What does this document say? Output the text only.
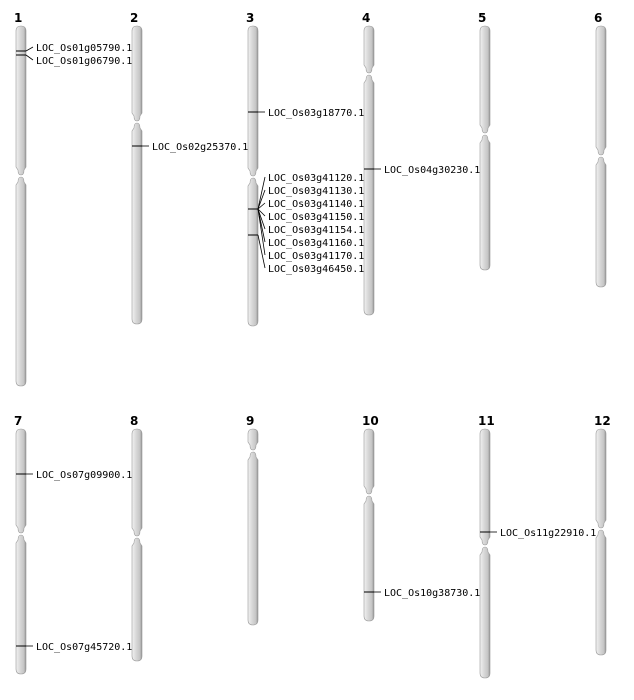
1	2	3	4	5	6
7	8	9	10	11	12
LOC_Os01g05790.1
LOC_Os01g06790.1
LOC_Os02g25370.1
LOC_Os03g18770.1
LOC_Os03g41120.1
LOC_Os03g41130.1
LOC_Os03g41140.1
LOC_Os03g41150.1
LOC_Os03g41154.1
LOC_Os03g41160.1
LOC_Os03g41170.1
LOC_Os03g46450.1
LOC_Os04g30230.1
LOC_Os07g09900.1
LOC_Os07g45720.1
LOC_Os10g38730.1
LOC_Os11g22910.1
